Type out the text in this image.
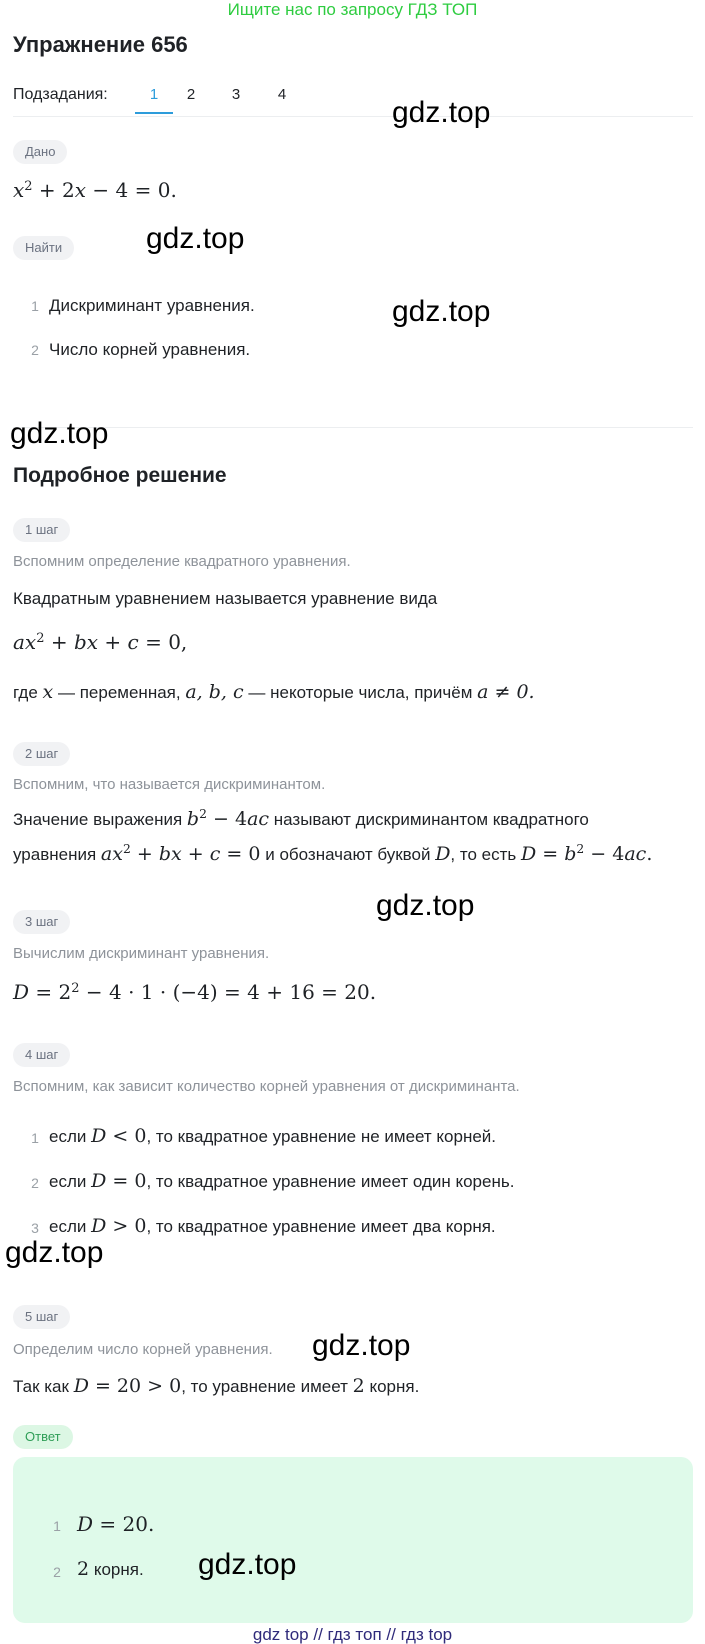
Ищите нас по запросу ГДЗ ТОП
Упражнение 656
Подзадания:	1	2	3	4
Дано
$x^2 + 2x - 4 = 0$.
Найти
1 Дискриминант уравнения.
2 Число корней уравнения.
Подробное решение
1 шаг
Вспомним определение квадратного уравнения.
Квадратным уравнением называется уравнение вида
$ax^2$ + bx + c = 0,
где x — переменная, a, b, c — некоторые числа, причём a ≠ 0.
2 шаг
Вспомним, что называется дискриминантом.
Значение выражения $b^2 - 4ac$ называют дискриминантом квадратного
уравнения $ax^2$ + bx + c = 0 и обозначают буквой D, то есть $D = b^2 - 4ac$.
3 шаг
Вычислим дискриминант уравнения.
$D = 2^2 - 4 \cdot 1 \cdot (-4) = 4 + 16 = 20$.
4 шаг
Вспомним, как зависит количество корней уравнения от дискриминанта.
1 если D < 0, то квадратное уравнение не имеет корней.
2 если D = 0, то квадратное уравнение имеет один корень.
3 если D > 0, то квадратное уравнение имеет два корня.
5 шаг
Определим число корней уравнения.
Так как D = 20 > 0, то уравнение имеет 2 корня.
Ответ
1 D = 20.
2 2 корня.
gdz.top
gdz.top
gdz.top
gdz.top
gdz.top
gdz.top
gdz.top
gdz.top
gdz top // гдз топ // гдз top
